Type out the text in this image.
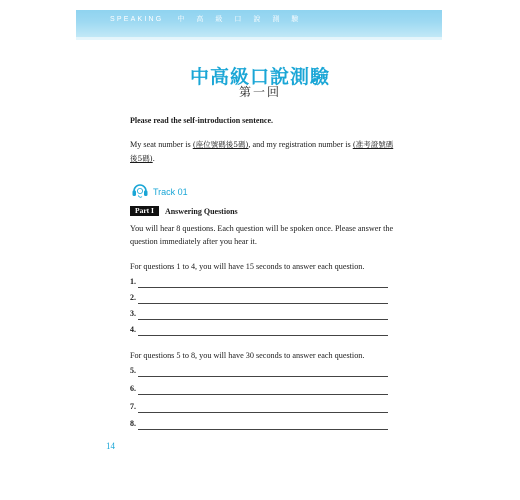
SPEAKING 中高級口說測驗
中高級口說測驗
第一回
Please read the self-introduction sentence.
My seat number is (座位號碼後5碼), and my registration number is (准考證號碼後5碼).
Track 01
Part I	Answering Questions
You will hear 8 questions. Each question will be spoken once. Please answer the question immediately after you hear it.
For questions 1 to 4, you will have 15 seconds to answer each question.
1.
2.
3.
4.
For questions 5 to 8, you will have 30 seconds to answer each question.
5.
6.
7.
8.
14
